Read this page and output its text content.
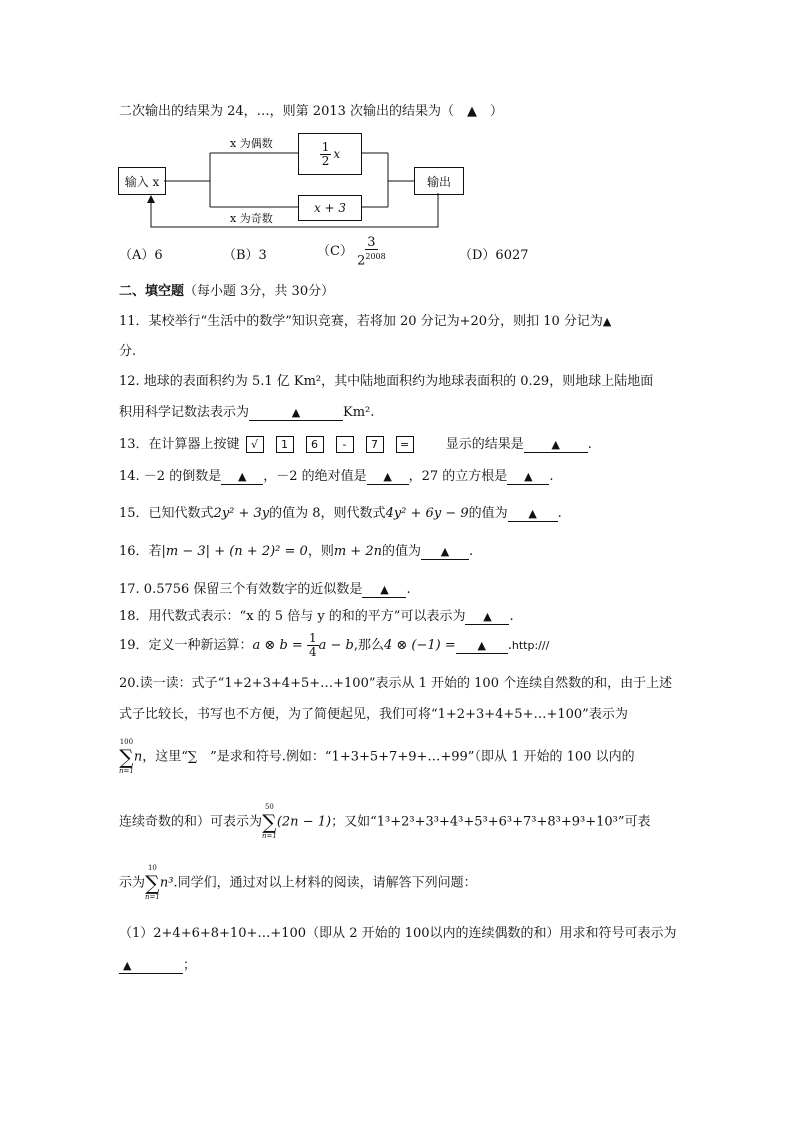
二次输出的结果为 24，…，则第 2013 次输出的结果为（　▲　）
输入 x
x 为偶数	$\frac{1}{2}$ x
x + 3
x 为奇数
输出
（A）6	（B）3	$(C) \frac{3}{2^{2008}}$	（D）6027
二、填空题（每小题 3分，共 30分）
11．某校举行“生活中的数学”知识竞赛，若将加 20 分记为+20分，则扣 10 分记为▲
分.
12. 地球的表面积约为 5.1 亿 Km²，其中陆地面积约为地球表面积的 0.29，则地球上陆地面
积用科学记数法表示为	▲	Km².
13．在计算器上按键 √ 1 6 - 7 =	显示的结果是	▲ .
14. －2 的倒数是 ▲ ，－2 的绝对值是 ▲ ，27 的立方根是 ▲ .
15．已知代数式2y² + 3y的值为 8，则代数式4y² + 6y − 9的值为 ▲ .
16．若|m − 3| + (n + 2)² = 0，则m + 2n的值为 ▲ .
17. 0.5756 保留三个有效数字的近似数是 ▲ .
18．用代数式表示：“x 的 5 倍与 y 的和的平方”可以表示为 ▲ .
19．定义一种新运算：a ⊗ $b = \frac{1}{4}$ a − b,那么4 ⊗ (−1) = ▲ .http:///
20.读一读：式子“1+2+3+4+5+…+100”表示从 1 开始的 100 个连续自然数的和，由于上述
式子比较长，书写也不方便，为了简便起见，我们可将“1+2+3+4+5+…+100”表示为
100
∑
n=1
n，这里“∑　”是求和符号.例如：“1+3+5+7+9+…+99”（即从 1 开始的 100 以内的
连续奇数的和）可表示为
50
∑
n=1
(2n − 1)；又如“1³+2³+3³+4³+5³+6³+7³+8³+9³+10³”可表
示为
10
∑
n=1
n³.同学们，通过对以上材料的阅读，请解答下列问题：
（1）2+4+6+8+10+…+100（即从 2 开始的 100以内的连续偶数的和）用求和符号可表示为
▲	；
